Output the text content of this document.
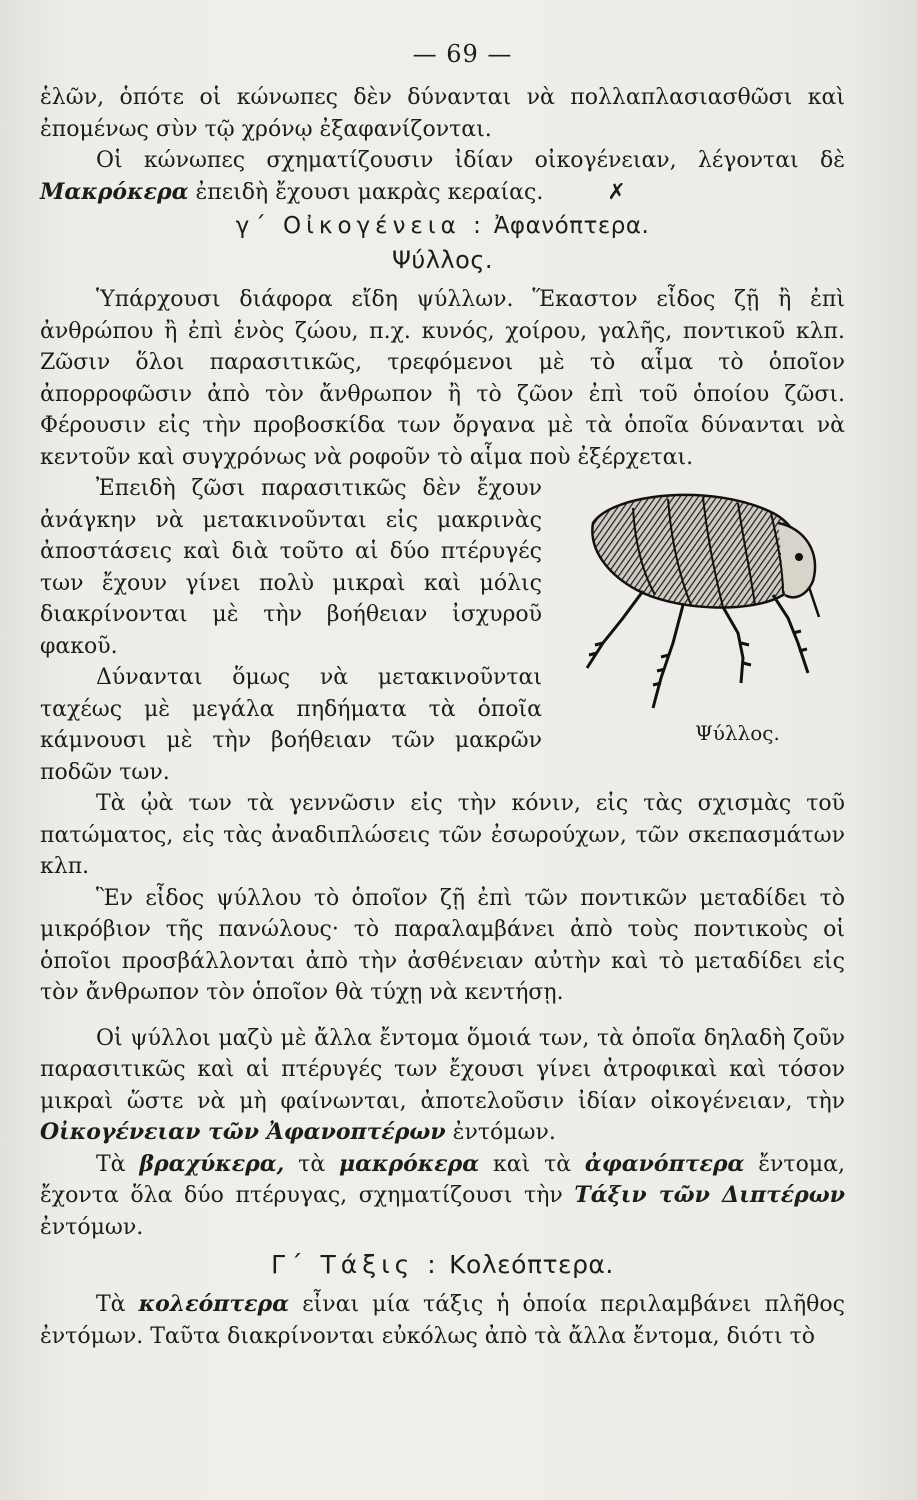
— 69 —

ἑλῶν, ὁπότε οἱ κώνωπες δὲν δύνανται νὰ πολλαπλασιασθῶσι καὶ ἐπομένως σὺν τῷ χρόνῳ ἐξαφανίζονται.

Οἱ κώνωπες σχηματίζουσιν ἰδίαν οἰκογένειαν, λέγονται δὲ Μακρόκερα ἐπειδὴ ἔχουσι μακρὰς κεραίας.	✗

γ΄ Οἰκογένεια : Ἀφανόπτερα.
Ψύλλος.

Ὑπάρχουσι διάφορα εἴδη ψύλλων. Ἕκαστον εἶδος ζῇ ἢ ἐπὶ ἀνθρώπου ἢ ἐπὶ ἑνὸς ζώου, π.χ. κυνός, χοίρου, γαλῆς, ποντικοῦ κλπ. Ζῶσιν ὅλοι παρασιτικῶς, τρεφόμενοι μὲ τὸ αἷμα τὸ ὁποῖον ἀπορροφῶσιν ἀπὸ τὸν ἄνθρωπον ἢ τὸ ζῶον ἐπὶ τοῦ ὁποίου ζῶσι. Φέρουσιν εἰς τὴν προβοσκίδα των ὄργανα μὲ τὰ ὁποῖα δύνανται νὰ κεντοῦν καὶ συγχρόνως νὰ ροφοῦν τὸ αἷμα ποὺ ἐξέρχεται.

Ψύλλος.

Ἐπειδὴ ζῶσι παρασιτικῶς δὲν ἔχουν ἀνάγκην νὰ μετακινοῦνται εἰς μακρινὰς ἀποστάσεις καὶ διὰ τοῦτο αἱ δύο πτέρυγές των ἔχουν γίνει πολὺ μικραὶ καὶ μόλις διακρίνονται μὲ τὴν βοήθειαν ἰσχυροῦ φακοῦ.

Δύνανται ὅμως νὰ μετακινοῦνται ταχέως μὲ μεγάλα πηδήματα τὰ ὁποῖα κάμνουσι μὲ τὴν βοήθειαν τῶν μακρῶν ποδῶν των.

Τὰ ᾠὰ των τὰ γεννῶσιν εἰς τὴν κόνιν, εἰς τὰς σχισμὰς τοῦ πατώματος, εἰς τὰς ἀναδιπλώσεις τῶν ἐσωρούχων, τῶν σκεπασμάτων κλπ.

Ἓν εἶδος ψύλλου τὸ ὁποῖον ζῇ ἐπὶ τῶν ποντικῶν μεταδίδει τὸ μικρόβιον τῆς πανώλους· τὸ παραλαμβάνει ἀπὸ τοὺς ποντικοὺς οἱ ὁποῖοι προσβάλλονται ἀπὸ τὴν ἀσθένειαν αὐτὴν καὶ τὸ μεταδίδει εἰς τὸν ἄνθρωπον τὸν ὁποῖον θὰ τύχῃ νὰ κεντήσῃ.

Οἱ ψύλλοι μαζὺ μὲ ἄλλα ἔντομα ὅμοιά των, τὰ ὁποῖα δηλαδὴ ζοῦν παρασιτικῶς καὶ αἱ πτέρυγές των ἔχουσι γίνει ἀτροφικαὶ καὶ τόσον μικραὶ ὥστε νὰ μὴ φαίνωνται, ἀποτελοῦσιν ἰδίαν οἰκογένειαν, τὴν Οἰκογένειαν τῶν Ἀφανοπτέρων ἐντόμων.

Τὰ βραχύκερα, τὰ μακρόκερα καὶ τὰ ἀφανόπτερα ἔντομα, ἔχοντα ὅλα δύο πτέρυγας, σχηματίζουσι τὴν Τάξιν τῶν Διπτέρων ἐντόμων.

Γ΄ Τάξις : Κολεόπτερα.

Τὰ κολεόπτερα εἶναι μία τάξις ἡ ὁποία περιλαμβάνει πλῆθος ἐντόμων. Ταῦτα διακρίνονται εὐκόλως ἀπὸ τὰ ἄλλα ἔντομα, διότι τὸ
